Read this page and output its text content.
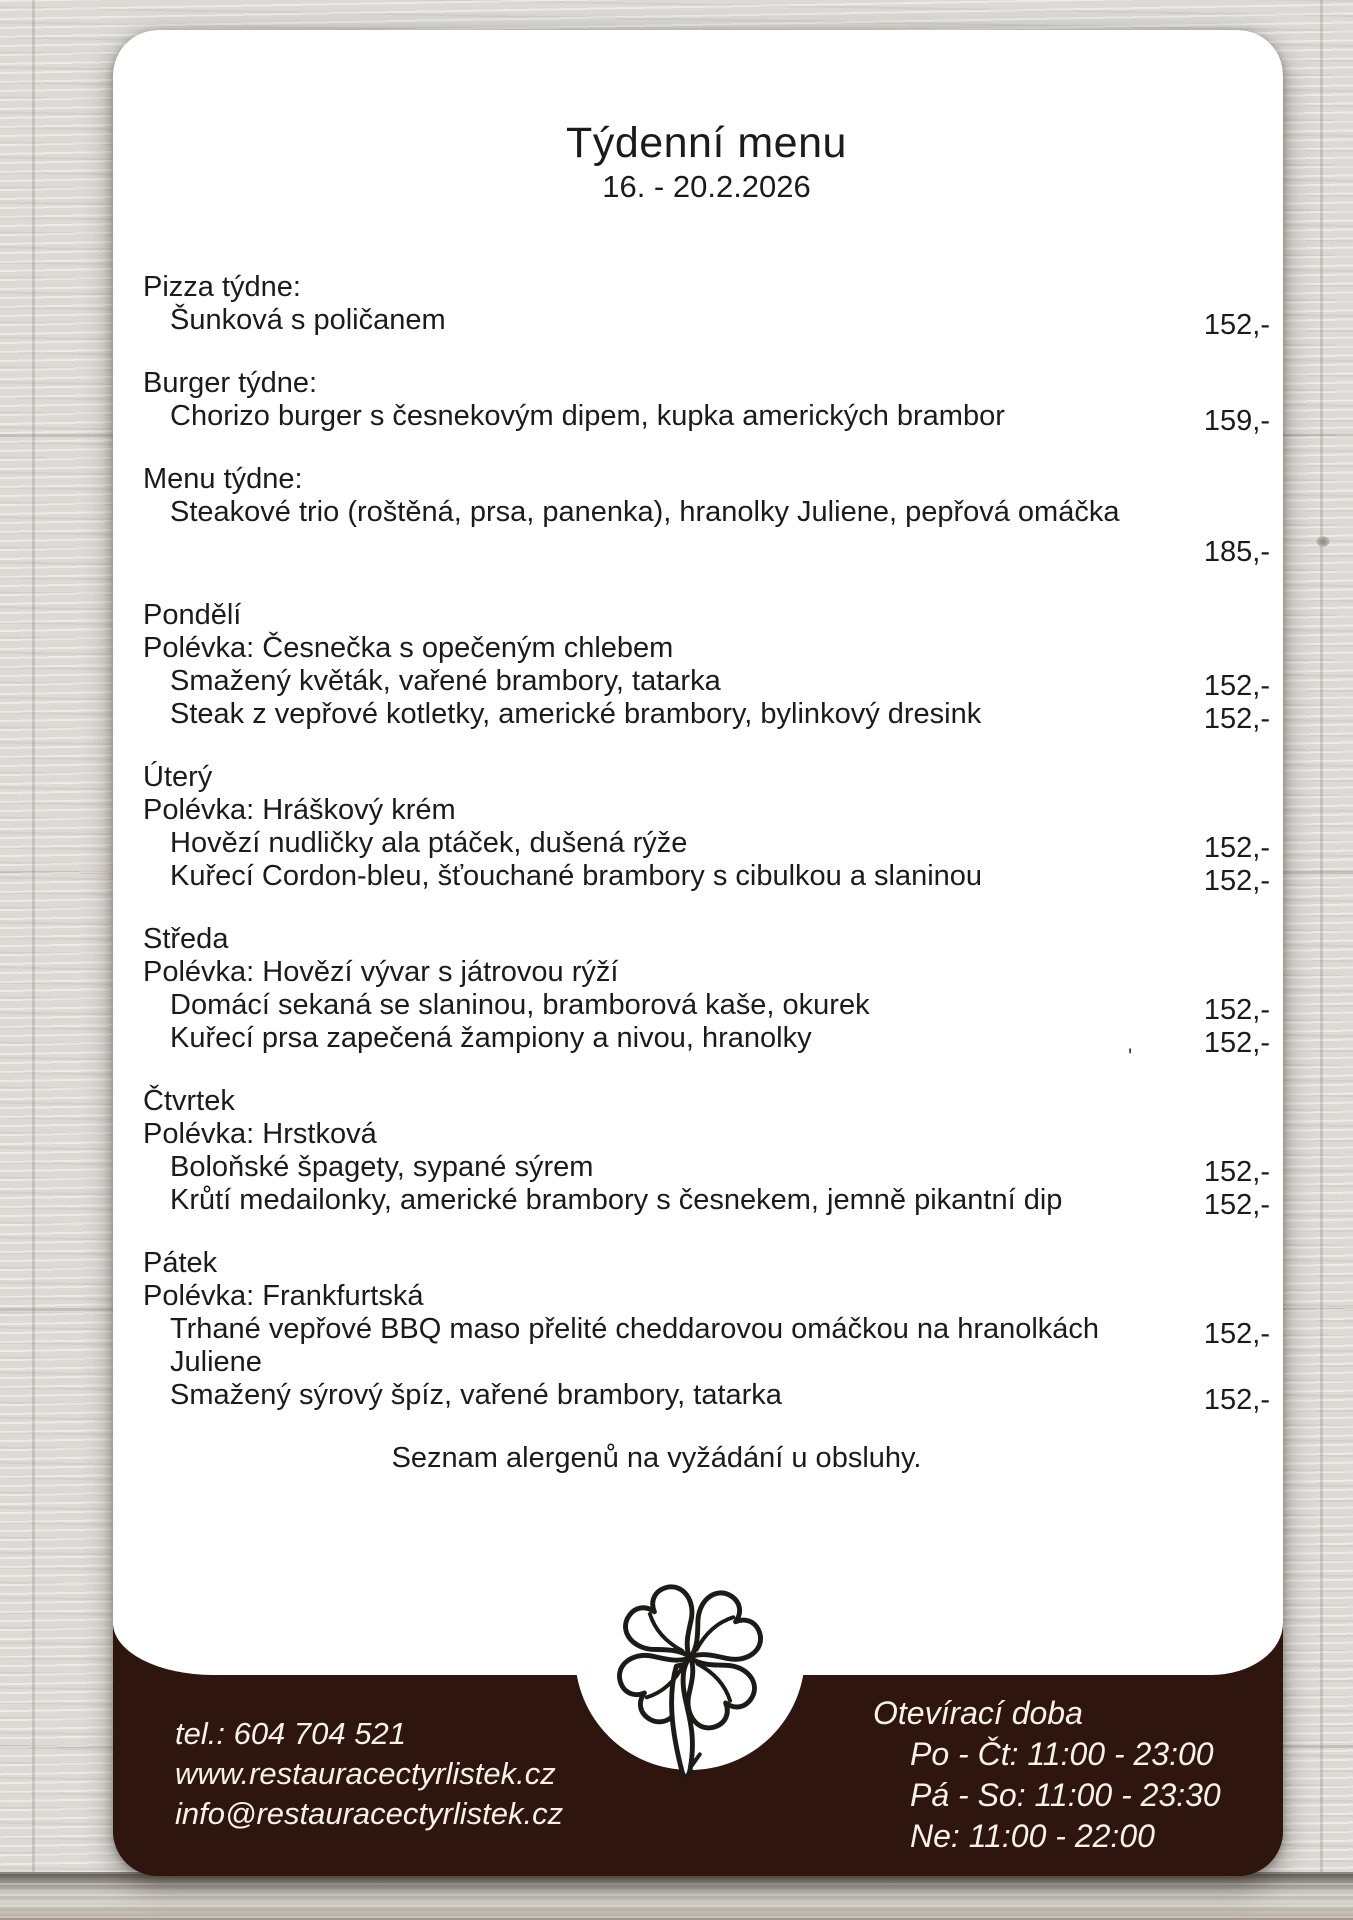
Týdenní menu
16. - 20.2.2026
Pizza týdne:
Šunková s poličanem	152,-
Burger týdne:
Chorizo burger s česnekovým dipem, kupka amerických brambor	159,-
Menu týdne:
Steakové trio (roštěná, prsa, panenka), hranolky Juliene, pepřová omáčka
185,-
Pondělí
Polévka: Česnečka s opečeným chlebem
Smažený květák, vařené brambory, tatarka	152,-
Steak z vepřové kotletky, americké brambory, bylinkový dresink	152,-
Úterý
Polévka: Hráškový krém
Hovězí nudličky ala ptáček, dušená rýže	152,-
Kuřecí Cordon-bleu, šťouchané brambory s cibulkou a slaninou	152,-
Středa
Polévka: Hovězí vývar s játrovou rýží
Domácí sekaná se slaninou, bramborová kaše, okurek	152,-
Kuřecí prsa zapečená žampiony a nivou, hranolky	152,-
Čtvrtek
Polévka: Hrstková
Boloňské špagety, sypané sýrem	152,-
Krůtí medailonky, americké brambory s česnekem, jemně pikantní dip	152,-
Pátek
Polévka: Frankfurtská
Trhané vepřové BBQ maso přelité cheddarovou omáčkou na hranolkách
Juliene
152,-
Smažený sýrový špíz, vařené brambory, tatarka	152,-
Seznam alergenů na vyžádání u obsluhy.
'
tel.: 604 704 521
www.restauracectyrlistek.cz
info@restauracectyrlistek.cz
Otevírací doba
Po - Čt: 11:00 - 23:00
Pá - So: 11:00 - 23:30
Ne: 11:00 - 22:00
